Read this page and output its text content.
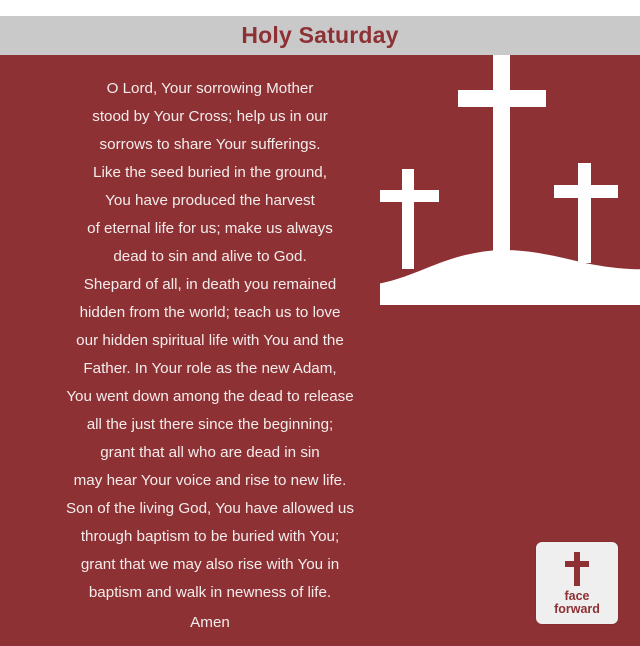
Holy Saturday
O Lord, Your sorrowing Mother
stood by Your Cross; help us in our
sorrows to share Your sufferings.
Like the seed buried in the ground,
You have produced the harvest
of eternal life for us; make us always
dead to sin and alive to God.
Shepard of all, in death you remained
hidden from the world; teach us to love
our hidden spiritual life with You and the
Father. In Your role as the new Adam,
You went down among the dead to release
all the just there since the beginning;
grant that all who are dead in sin
may hear Your voice and rise to new life.
Son of the living God, You have allowed us
through baptism to be buried with You;
grant that we may also rise with You in
baptism and walk in newness of life.
Amen
face
forward
